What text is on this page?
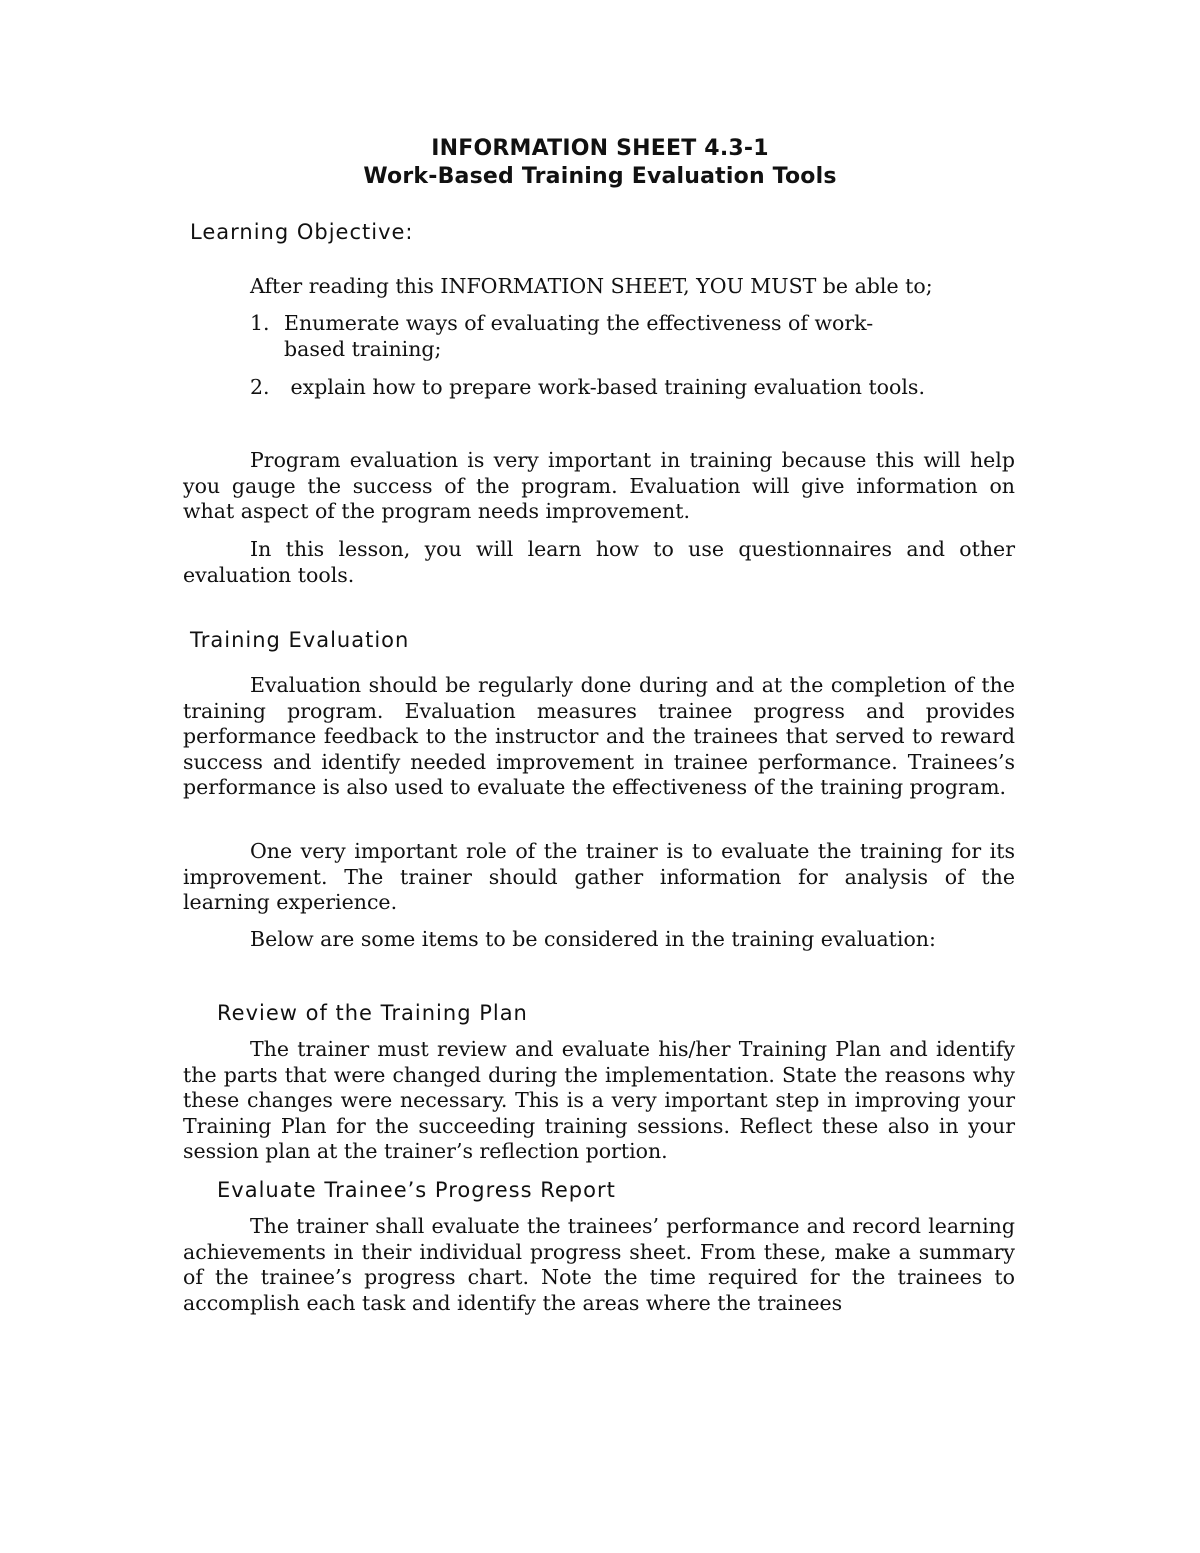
INFORMATION SHEET 4.3-1
Work-Based Training Evaluation Tools
Learning Objective:

After reading this INFORMATION SHEET, YOU MUST be able to;

1. Enumerate ways of evaluating the effectiveness of work-based training;
2. explain how to prepare work-based training evaluation tools.

Program evaluation is very important in training because this will help you gauge the success of the program. Evaluation will give information on what aspect of the program needs improvement.

In this lesson, you will learn how to use questionnaires and other evaluation tools.

Training Evaluation

Evaluation should be regularly done during and at the completion of the training program. Evaluation measures trainee progress and provides performance feedback to the instructor and the trainees that served to reward success and identify needed improvement in trainee performance. Trainees’s performance is also used to evaluate the effectiveness of the training program.

One very important role of the trainer is to evaluate the training for its improvement. The trainer should gather information for analysis of the learning experience.

Below are some items to be considered in the training evaluation:

Review of the Training Plan

The trainer must review and evaluate his/her Training Plan and identify the parts that were changed during the implementation. State the reasons why these changes were necessary. This is a very important step in improving your Training Plan for the succeeding training sessions. Reflect these also in your session plan at the trainer’s reflection portion.

Evaluate Trainee’s Progress Report

The trainer shall evaluate the trainees’ performance and record learning achievements in their individual progress sheet. From these, make a summary of the trainee’s progress chart. Note the time required for the trainees to accomplish each task and identify the areas where the trainees
